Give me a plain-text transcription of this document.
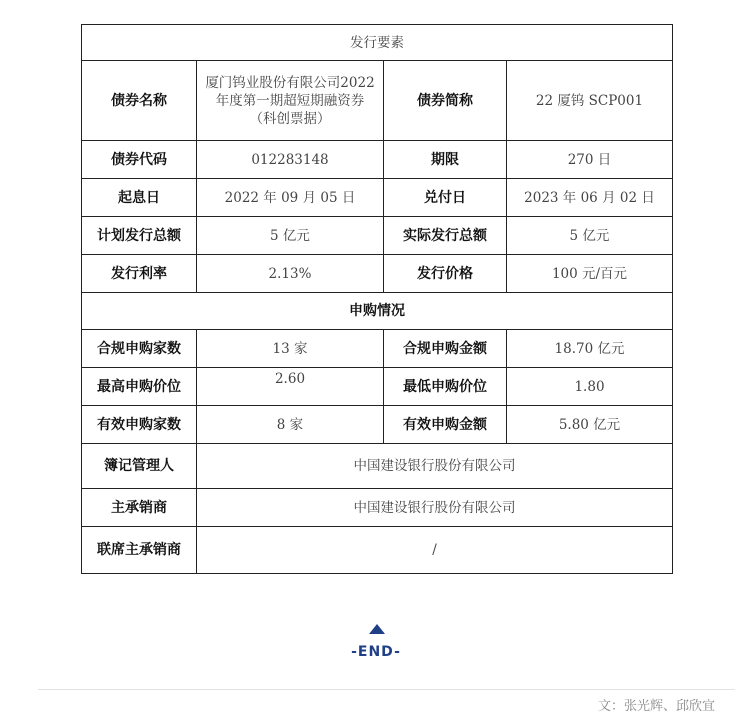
发行要素			
债券名称	厦门钨业股份有限公司2022年度第一期超短期融资券（科创票据）	债券简称	22 厦钨 SCP001
债券代码	012283148	期限	270 日
起息日	2022 年 09 月 05 日	兑付日	2023 年 06 月 02 日
计划发行总额	5 亿元	实际发行总额	5 亿元
发行利率	2.13%	发行价格	100 元/百元
申购情况			
合规申购家数	13 家	合规申购金额	18.70 亿元
最高申购价位	2.60	最低申购价位	1.80
有效申购家数	8 家	有效申购金额	5.80 亿元
簿记管理人	中国建设银行股份有限公司		
主承销商	中国建设银行股份有限公司		
联席主承销商	/		
-END-
文：张光辉、邱欣宜
